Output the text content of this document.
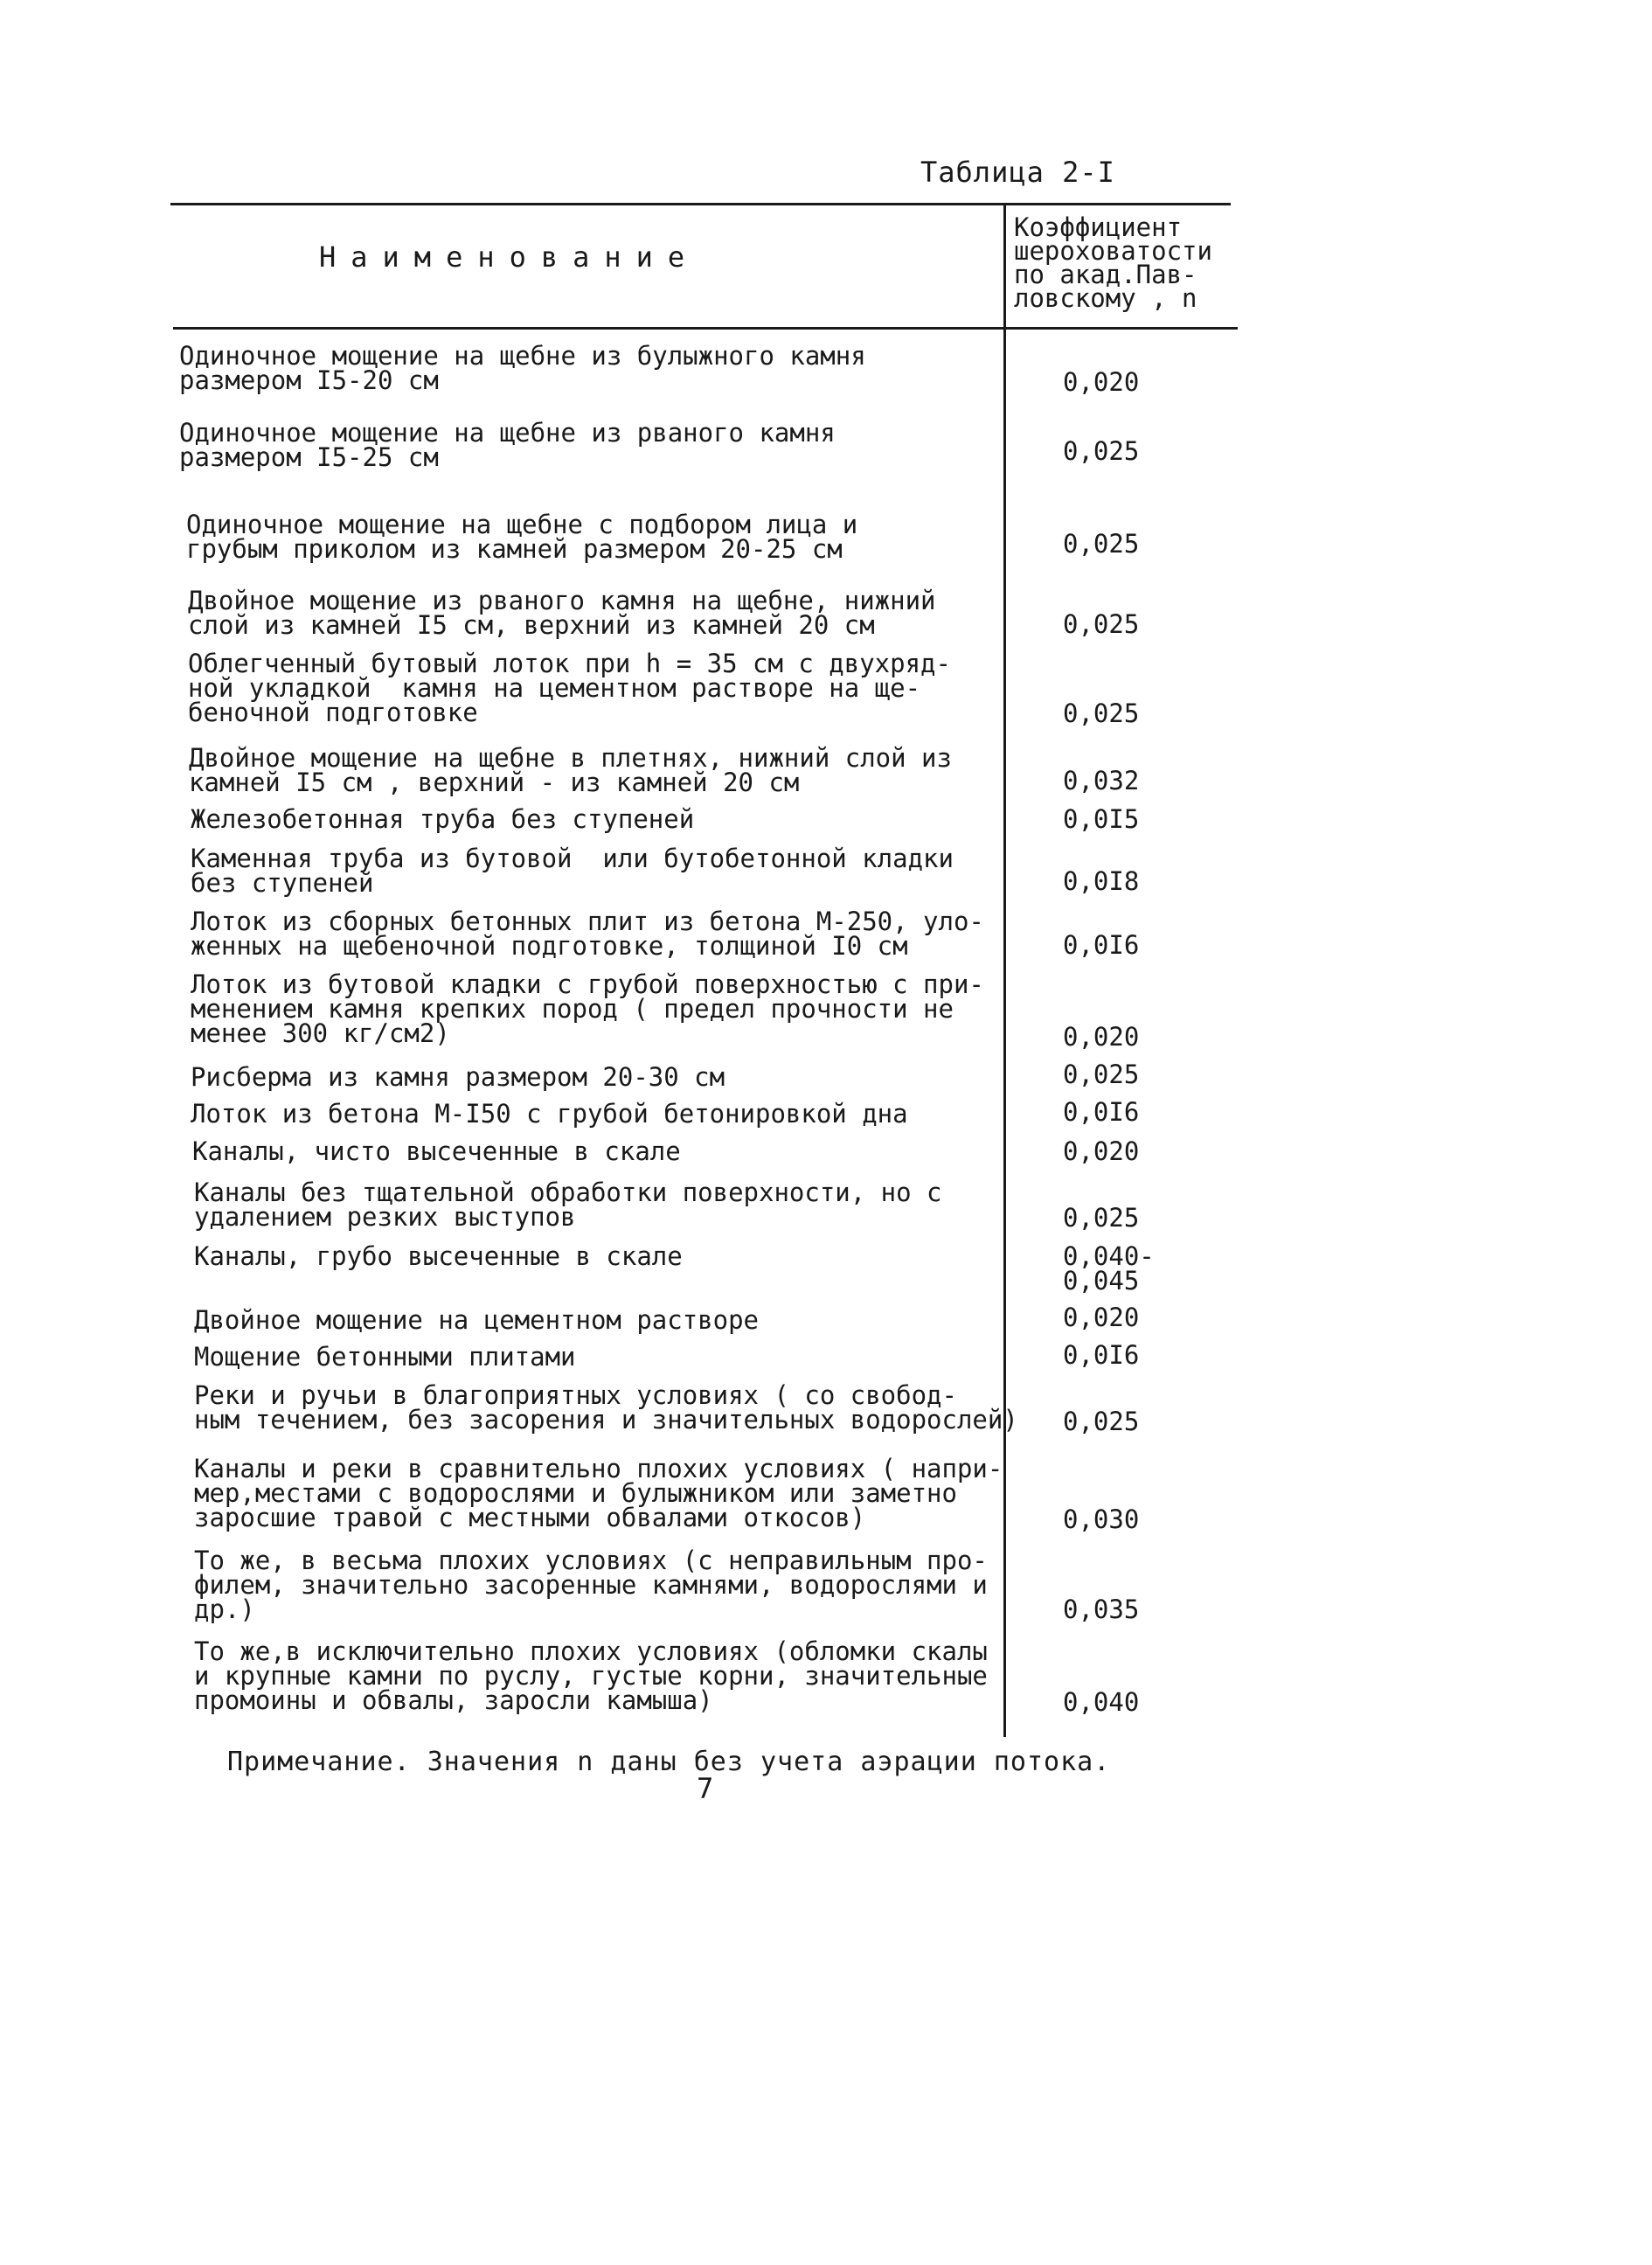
Таблица 2-I
Наименование
Коэффициент
шероховатости
по акад.Пав-
ловскому , n
Одиночное мощение на щебне из булыжного камня
размером I5-20 см	0,020
Одиночное мощение на щебне из рваного камня
размером I5-25 см	0,025
Одиночное мощение на щебне с подбором лица и
грубым приколом из камней размером 20-25 см	0,025
Двойное мощение из рваного камня на щебне, нижний
слой из камней I5 см, верхний из камней 20 см	0,025
Облегченный бутовый лоток при h = 35 см с двухряд-
ной укладкой  камня на цементном растворе на ще-
беночной подготовке	0,025
Двойное мощение на щебне в плетнях, нижний слой из
камней I5 см , верхний - из камней 20 см	0,032
Железобетонная труба без ступеней	0,0I5
Каменная труба из бутовой  или бутобетонной кладки
без ступеней	0,0I8
Лоток из сборных бетонных плит из бетона М-250, уло-
женных на щебеночной подготовке, толщиной I0 см	0,0I6
Лоток из бутовой кладки с грубой поверхностью с при-
менением камня крепких пород ( предел прочности не
менее 300 кг/см2)	0,020
Рисберма из камня размером 20-30 см	0,025
Лоток из бетона М-I50 с грубой бетонировкой дна	0,0I6
Каналы, чисто высеченные в скале	0,020
Каналы без тщательной обработки поверхности, но с
удалением резких выступов	0,025
Каналы, грубо высеченные в скале	0,040-
0,045
Двойное мощение на цементном растворе	0,020
Мощение бетонными плитами	0,0I6
Реки и ручьи в благоприятных условиях ( со свобод-
ным течением, без засорения и значительных водорослей) 0,025
Каналы и реки в сравнительно плохих условиях ( напри-
мер,местами с водорослями и булыжником или заметно
заросшие травой с местными обвалами откосов)	0,030
То же, в весьма плохих условиях (с неправильным про-
филем, значительно засоренные камнями, водорослями и
др.)	0,035
То же,в исключительно плохих условиях (обломки скалы
и крупные камни по руслу, густые корни, значительные
промоины и обвалы, заросли камыша)	0,040
Примечание. Значения n даны без учета аэрации потока.
7
